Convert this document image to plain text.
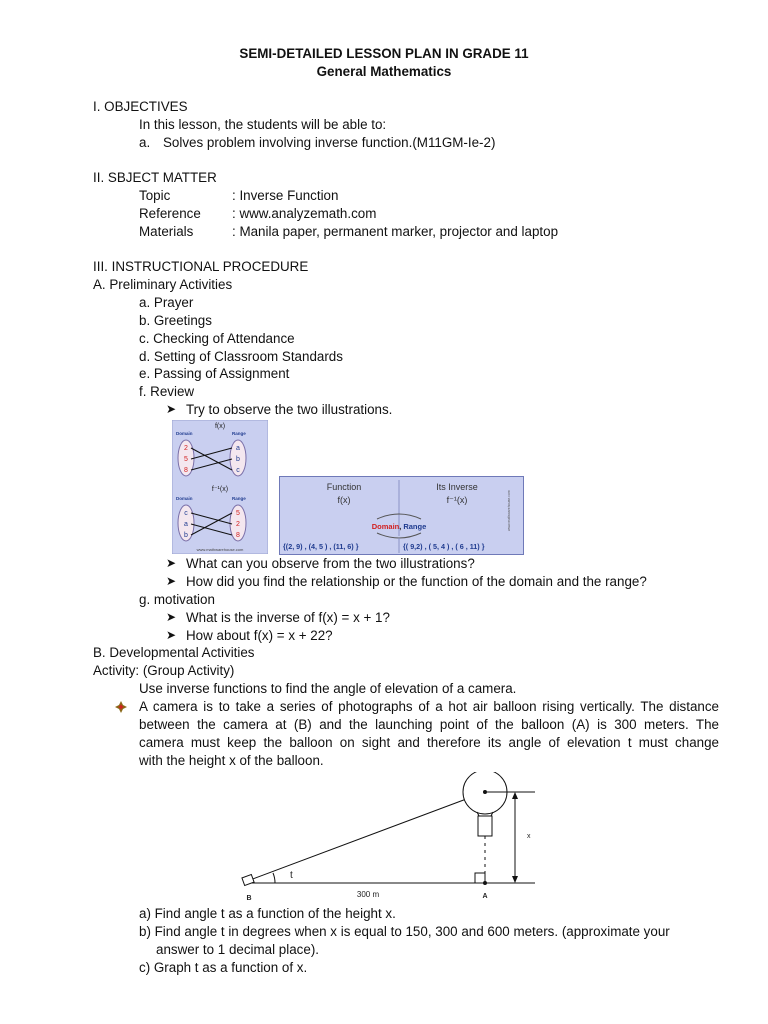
SEMI-DETAILED LESSON PLAN IN GRADE 11
General Mathematics
I. OBJECTIVES
In this lesson, the students will be able to:
a. Solves problem involving inverse function.(M11GM-Ie-2)
II. SBJECT MATTER
Topic	: Inverse Function
Reference : www.analyzemath.com
Materials	: Manila paper, permanent marker, projector and laptop
III. INSTRUCTIONAL PROCEDURE
A. Preliminary Activities
a. Prayer
b. Greetings
c. Checking of Attendance
d. Setting of Classroom Standards
e. Passing of Assignment
f. Review
➤ Try to observe the two illustrations.
f(x)
Domain	Range
2
5
8
a
b
c
f⁻¹(x)
Domain	Range
c
a
b
5
2
8
www.mathwarehouse.com
Function
f(x)
Its Inverse
f⁻¹(x)
Domain, Range
{(2, 9) , (4, 5 ) , (11, 6) }	{( 9,2) , ( 5, 4 ) , ( 6 , 11) }
www.mathwarehouse.com
➤ What can you observe from the two illustrations?
➤ How did you find the relationship or the function of the domain and the range?
g. motivation
➤ What is the inverse of f(x) = x + 1?
➤ How about f(x) = x + 22?
B. Developmental Activities
Activity: (Group Activity)
Use inverse functions to find the angle of elevation of a camera.
A camera is to take a series of photographs of a hot air balloon rising vertically. The distance
between the camera at (B) and the launching point of the balloon (A) is 300 meters. The
camera must keep the balloon on sight and therefore its angle of elevation t must change
with the height x of the balloon.
x
t
300 m
B	A
a) Find angle t as a function of the height x.
b) Find angle t in degrees when x is equal to 150, 300 and 600 meters. (approximate your
answer to 1 decimal place).
c) Graph t as a function of x.
